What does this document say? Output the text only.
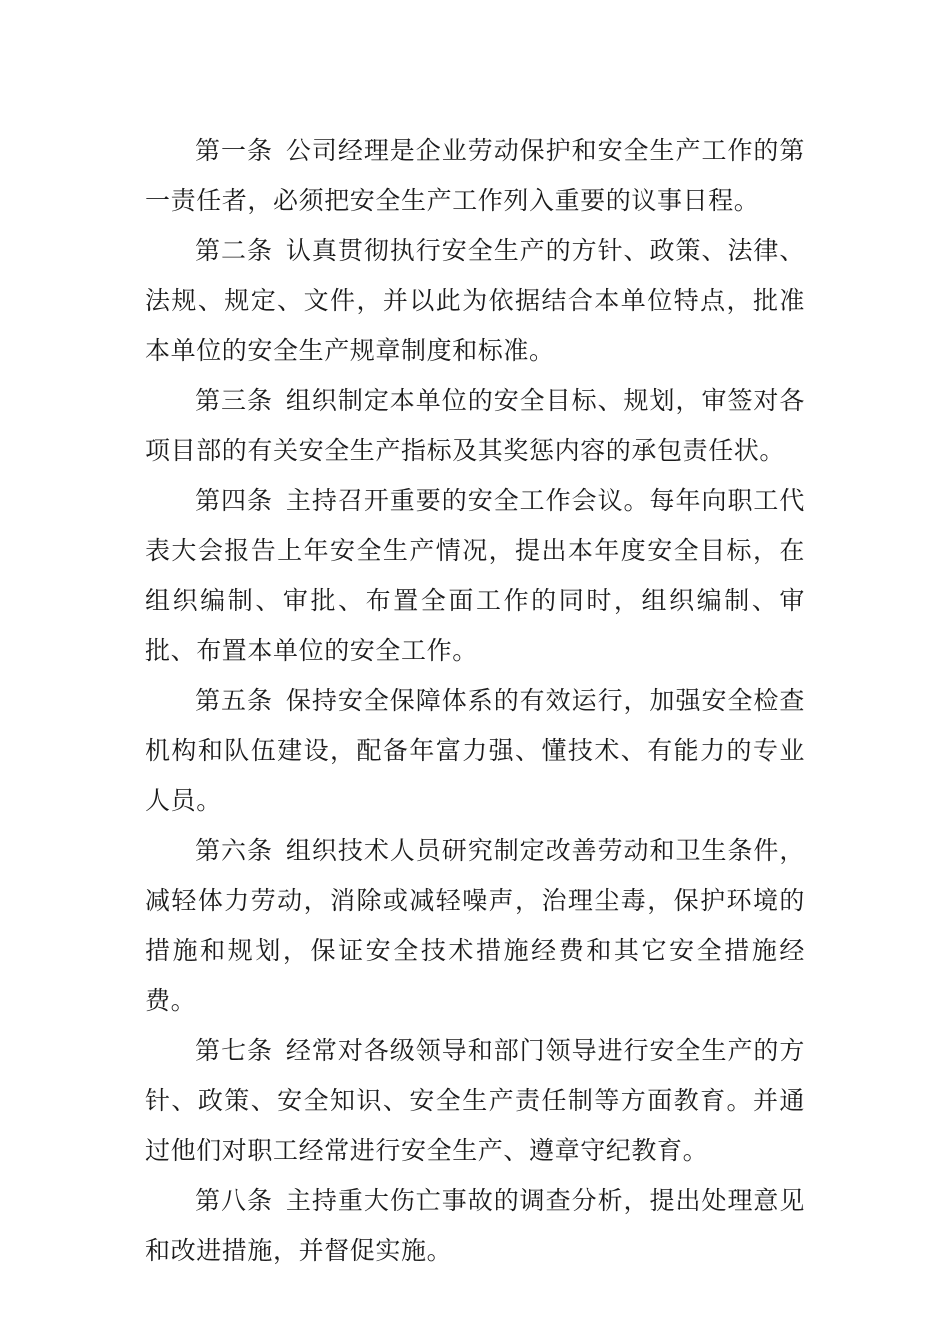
第一条 公司经理是企业劳动保护和安全生产工作的第一责任者，必须把安全生产工作列入重要的议事日程。

第二条 认真贯彻执行安全生产的方针、政策、法律、法规、规定、文件，并以此为依据结合本单位特点，批准本单位的安全生产规章制度和标准。

第三条 组织制定本单位的安全目标、规划，审签对各项目部的有关安全生产指标及其奖惩内容的承包责任状。

第四条 主持召开重要的安全工作会议。每年向职工代表大会报告上年安全生产情况，提出本年度安全目标，在组织编制、审批、布置全面工作的同时，组织编制、审批、布置本单位的安全工作。

第五条 保持安全保障体系的有效运行，加强安全检查机构和队伍建设，配备年富力强、懂技术、有能力的专业人员。

第六条 组织技术人员研究制定改善劳动和卫生条件，减轻体力劳动，消除或减轻噪声，治理尘毒，保护环境的措施和规划，保证安全技术措施经费和其它安全措施经费。

第七条 经常对各级领导和部门领导进行安全生产的方针、政策、安全知识、安全生产责任制等方面教育。并通过他们对职工经常进行安全生产、遵章守纪教育。

第八条 主持重大伤亡事故的调查分析，提出处理意见和改进措施，并督促实施。
